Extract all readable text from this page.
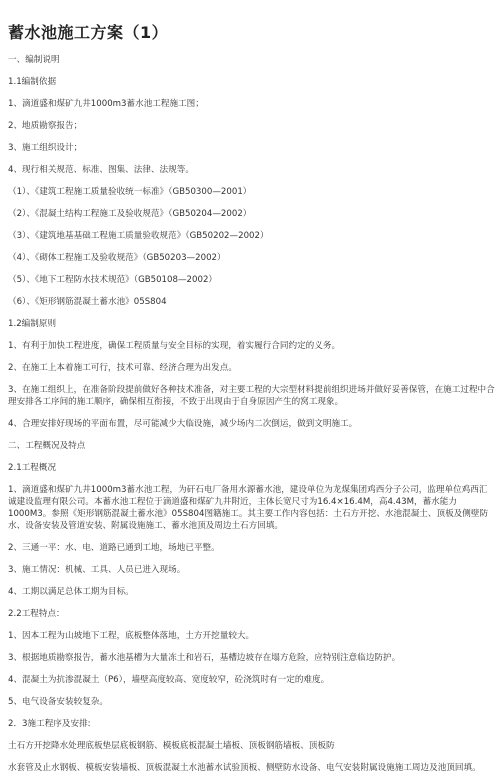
蓄水池施工方案（1）

一、编制说明

1.1编制依据

1、滴道盛和煤矿九井1000m3蓄水池工程施工图；

2、地质勘察报告；

3、施工组织设计；

4、现行相关规范、标准、图集、法律、法规等。

（1）、《建筑工程施工质量验收统一标准》（GB50300—2001）

（2）、《混凝土结构工程施工及验收规范》（GB50204—2002）

（3）、《建筑地基基础工程施工质量验收规范》（GB50202—2002）

（4）、《砌体工程施工及验收规范》（GB50203—2002）

（5）、《地下工程防水技术规范》（GB50108—2002）

（6）、《矩形钢筋混凝土蓄水池》05S804

1.2编制原则

1、有利于加快工程进度，确保工程质量与安全目标的实现，着实履行合同约定的义务。

2、在施工上本着施工可行，技术可靠、经济合理为出发点。

3、在施工组织上，在准备阶段提前做好各种技术准备，对主要工程的大宗型材料提前组织进场并做好妥善保管，在施工过程中合理安排各工序间的施工顺序，确保相互衔接，不致于出现由于自身原因产生的窝工现象。

4、合理安排好现场的平面布置，尽可能减少大临设施，减少场内二次倒运，做到文明施工。

二、工程概况及特点

2.1工程概况

1、滴道盛和煤矿九井1000m3蓄水池工程，为矸石电厂备用水源蓄水池，建设单位为龙煤集团鸡西分子公司，监理单位鸡西汇诚建设监理有限公司。本蓄水池工程位于滴道盛和煤矿九井附近，主体长宽尺寸为16.4×16.4M，高4.43M，蓄水能力1000M3。参照《矩形钢筋混凝土蓄水池》05S804图籍施工。其主要工作内容包括：土石方开挖、水池混凝土、顶板及侧壁防水、设备安装及管道安装、附属设施施工、蓄水池顶及周边土石方回填。

2、三通一平：水、电、道路已通到工地，场地已平整。

3、施工情况：机械、工具、人员已进入现场。

4、工期以满足总体工期为目标。

2.2工程特点：

1、因本工程为山坡地下工程，底板整体落地，土方开挖量较大。

3、根据地质勘察报告，蓄水池基槽为大量冻土和岩石，基槽边坡存在塌方危险，应特别注意临边防护。

4、混凝土为抗渗混凝土（P6），墙壁高度较高、宽度较窄，砼浇筑时有一定的难度。

5、电气设备安装较复杂。

2．3施工程序及安排:

土石方开挖降水处理底板垫层底板钢筋、模板底板混凝土墙板、顶板钢筋墙板、顶板防

水套管及止水钢板、模板安装墙板、顶板混凝土水池蓄水试验顶板、侧壁防水设备、电气安装附属设施施工周边及池顶回填。
